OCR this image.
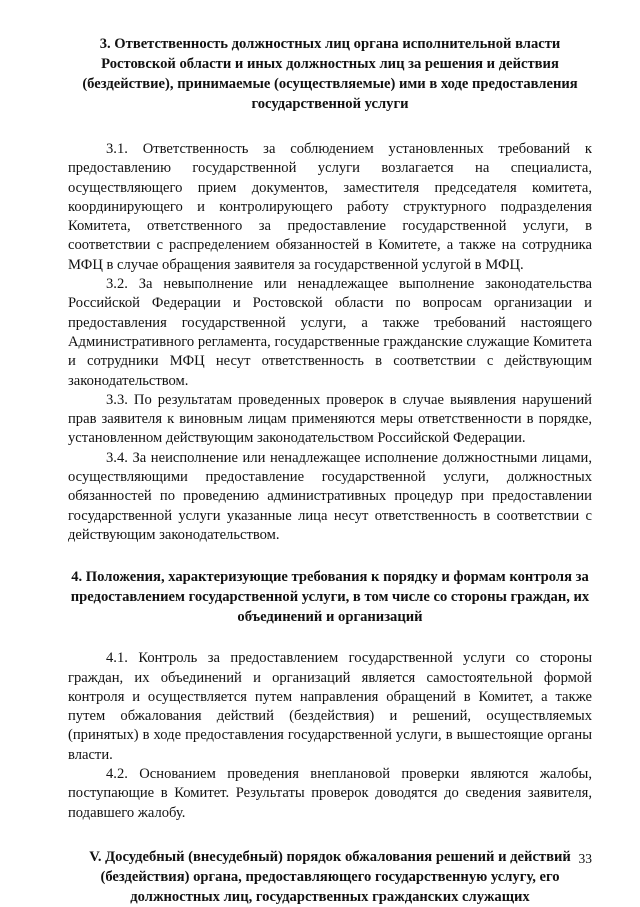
3. Ответственность должностных лиц органа исполнительной власти Ростовской области и иных должностных лиц за решения и действия (бездействие), принимаемые (осуществляемые) ими в ходе предоставления государственной услуги

3.1. Ответственность за соблюдением установленных требований к предоставлению государственной услуги возлагается на специалиста, осуществляющего прием документов, заместителя председателя комитета, координирующего и контролирующего работу структурного подразделения Комитета, ответственного за предоставление государственной услуги, в соответствии с распределением обязанностей в Комитете, а также на сотрудника МФЦ в случае обращения заявителя за государственной услугой в МФЦ.

3.2. За невыполнение или ненадлежащее выполнение законодательства Российской Федерации и Ростовской области по вопросам организации и предоставления государственной услуги, а также требований настоящего Административного регламента, государственные гражданские служащие Комитета и сотрудники МФЦ несут ответственность в соответствии с действующим законодательством.

3.3. По результатам проведенных проверок в случае выявления нарушений прав заявителя к виновным лицам применяются меры ответственности в порядке, установленном действующим законодательством Российской Федерации.

3.4. За неисполнение или ненадлежащее исполнение должностными лицами, осуществляющими предоставление государственной услуги, должностных обязанностей по проведению административных процедур при предоставлении государственной услуги указанные лица несут ответственность в соответствии с действующим законодательством.

4. Положения, характеризующие требования к порядку и формам контроля за предоставлением государственной услуги, в том числе со стороны граждан, их объединений и организаций

4.1. Контроль за предоставлением государственной услуги со стороны граждан, их объединений и организаций является самостоятельной формой контроля и осуществляется путем направления обращений в Комитет, а также путем обжалования действий (бездействия) и решений, осуществляемых (принятых) в ходе предоставления государственной услуги, в вышестоящие органы власти.

4.2. Основанием проведения внеплановой проверки являются жалобы, поступающие в Комитет. Результаты проверок доводятся до сведения заявителя, подавшего жалобу.

V. Досудебный (внесудебный) порядок обжалования решений и действий (бездействия) органа, предоставляющего государственную услугу, его должностных лиц, государственных гражданских служащих
33
